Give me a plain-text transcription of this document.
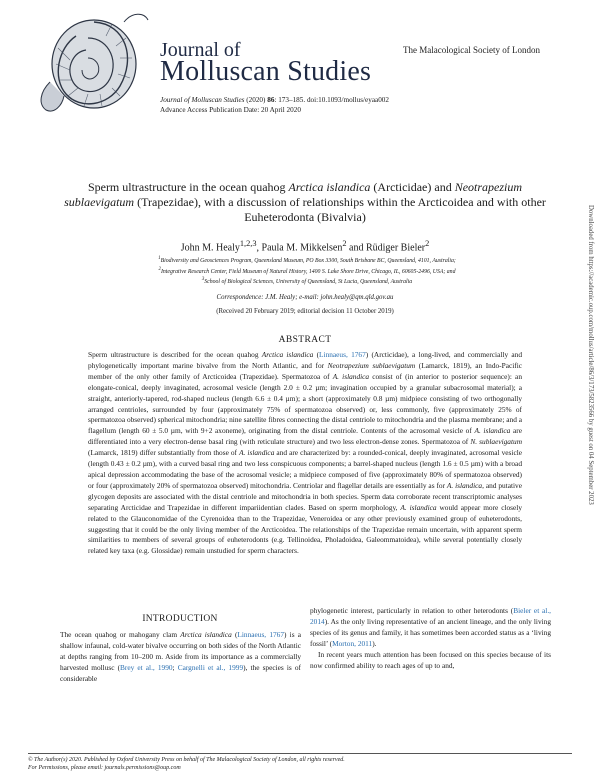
Journal of
Molluscan Studies
The Malacological Society of London
Journal of Molluscan Studies (2020) 86: 173–185. doi:10.1093/mollus/eyaa002
Advance Access Publication Date: 20 April 2020
Downloaded from https://academic.oup.com/mollus/article/86/3/173/5823566 by guest on 04 September 2023
Sperm ultrastructure in the ocean quahog Arctica islandica (Arcticidae) and Neotrapezium sublaevigatum (Trapezidae), with a discussion of relationships within the Arcticoidea and with other Euheterodonta (Bivalvia)
John M. Healy$^{1,2,3}$, Paula M. Mikkelsen$^2$ and Rüdiger Bieler$^2$
$^1$Biodiversity and Geosciences Program, Queensland Museum, PO Box 3300, South Brisbane BC, Queensland, 4101, Australia;
$^2$Integrative Research Center, Field Museum of Natural History, 1400 S. Lake Shore Drive, Chicago, IL, 60605-2496, USA; and
$^3$School of Biological Sciences, University of Queensland, St Lucia, Queensland, Australia
Correspondence: J.M. Healy; e-mail: john.healy@qm.qld.gov.au
(Received 20 February 2019; editorial decision 11 October 2019)
ABSTRACT
Sperm ultrastructure is described for the ocean quahog Arctica islandica (Linnaeus, 1767) (Arcticidae), a long-lived, and commercially and phylogenetically important marine bivalve from the North Atlantic, and for Neotrapezium sublaevigatum (Lamarck, 1819), an Indo-Pacific member of the only other family of Arcticoidea (Trapezidae). Spermatozoa of A. islandica consist of (in anterior to posterior sequence): an elongate-conical, deeply invaginated, acrosomal vesicle (length 2.0 ± 0.2 µm; invagination occupied by a granular subacrosomal material); a straight, anteriorly-tapered, rod-shaped nucleus (length 6.6 ± 0.4 µm); a short (approximately 0.8 µm) midpiece consisting of two orthogonally arranged centrioles, surrounded by four (approximately 75% of spermatozoa observed) or, less commonly, five (approximately 25% of spermatozoa observed) spherical mitochondria; nine satellite fibres connecting the distal centriole to mitochondria and the plasma membrane; and a flagellum (length 60 ± 5.0 µm, with 9+2 axoneme), originating from the distal centriole. Contents of the acrosomal vesicle of A. islandica are differentiated into a very electron-dense basal ring (with reticulate structure) and two less electron-dense zones. Spermatozoa of N. sublaevigatum (Lamarck, 1819) differ substantially from those of A. islandica and are characterized by: a rounded-conical, deeply invaginated, acrosomal vesicle (length 0.43 ± 0.2 µm), with a curved basal ring and two less conspicuous components; a barrel-shaped nucleus (length 1.6 ± 0.5 µm) with a broad apical depression accommodating the base of the acrosomal vesicle; a midpiece composed of five (approximately 80% of spermatozoa observed) or four (approximately 20% of spermatozoa observed) mitochondria. Centriolar and flagellar details are essentially as for A. islandica, and putative glycogen deposits are associated with the distal centriole and mitochondria in both species. Sperm data corroborate recent transcriptomic analyses separating Arcticidae and Trapezidae in different impariidentian clades. Based on sperm morphology, A. islandica would appear more closely related to the Glauconomidae of the Cyrenoidea than to the Trapezidae, Veneroidea or any other previously examined group of euheterodonts, suggesting that it could be the only living member of the Arcticoidea. The relationships of the Trapezidae remain uncertain, with apparent sperm similarities to members of several groups of euheterodonts (e.g. Tellinoidea, Pholadoidea, Galeommatoidea), while several potentially closely related key taxa (e.g. Glossidae) remain unstudied for sperm characters.
INTRODUCTION
The ocean quahog or mahogany clam Arctica islandica (Linnaeus, 1767) is a shallow infaunal, cold-water bivalve occurring on both sides of the North Atlantic at depths ranging from 10–200 m. Aside from its importance as a commercially harvested mollusc (Brey et al., 1990; Cargnelli et al., 1999), the species is of considerable
phylogenetic interest, particularly in relation to other heterodonts (Bieler et al., 2014). As the only living representative of an ancient lineage, and the only living species of its genus and family, it has sometimes been accorded status as a ‘living fossil’ (Morton, 2011).
In recent years much attention has been focused on this species because of its now confirmed ability to reach ages of up to and,
© The Author(s) 2020. Published by Oxford University Press on behalf of The Malacological Society of London, all rights reserved.
For Permissions, please email: journals.permissions@oup.com
